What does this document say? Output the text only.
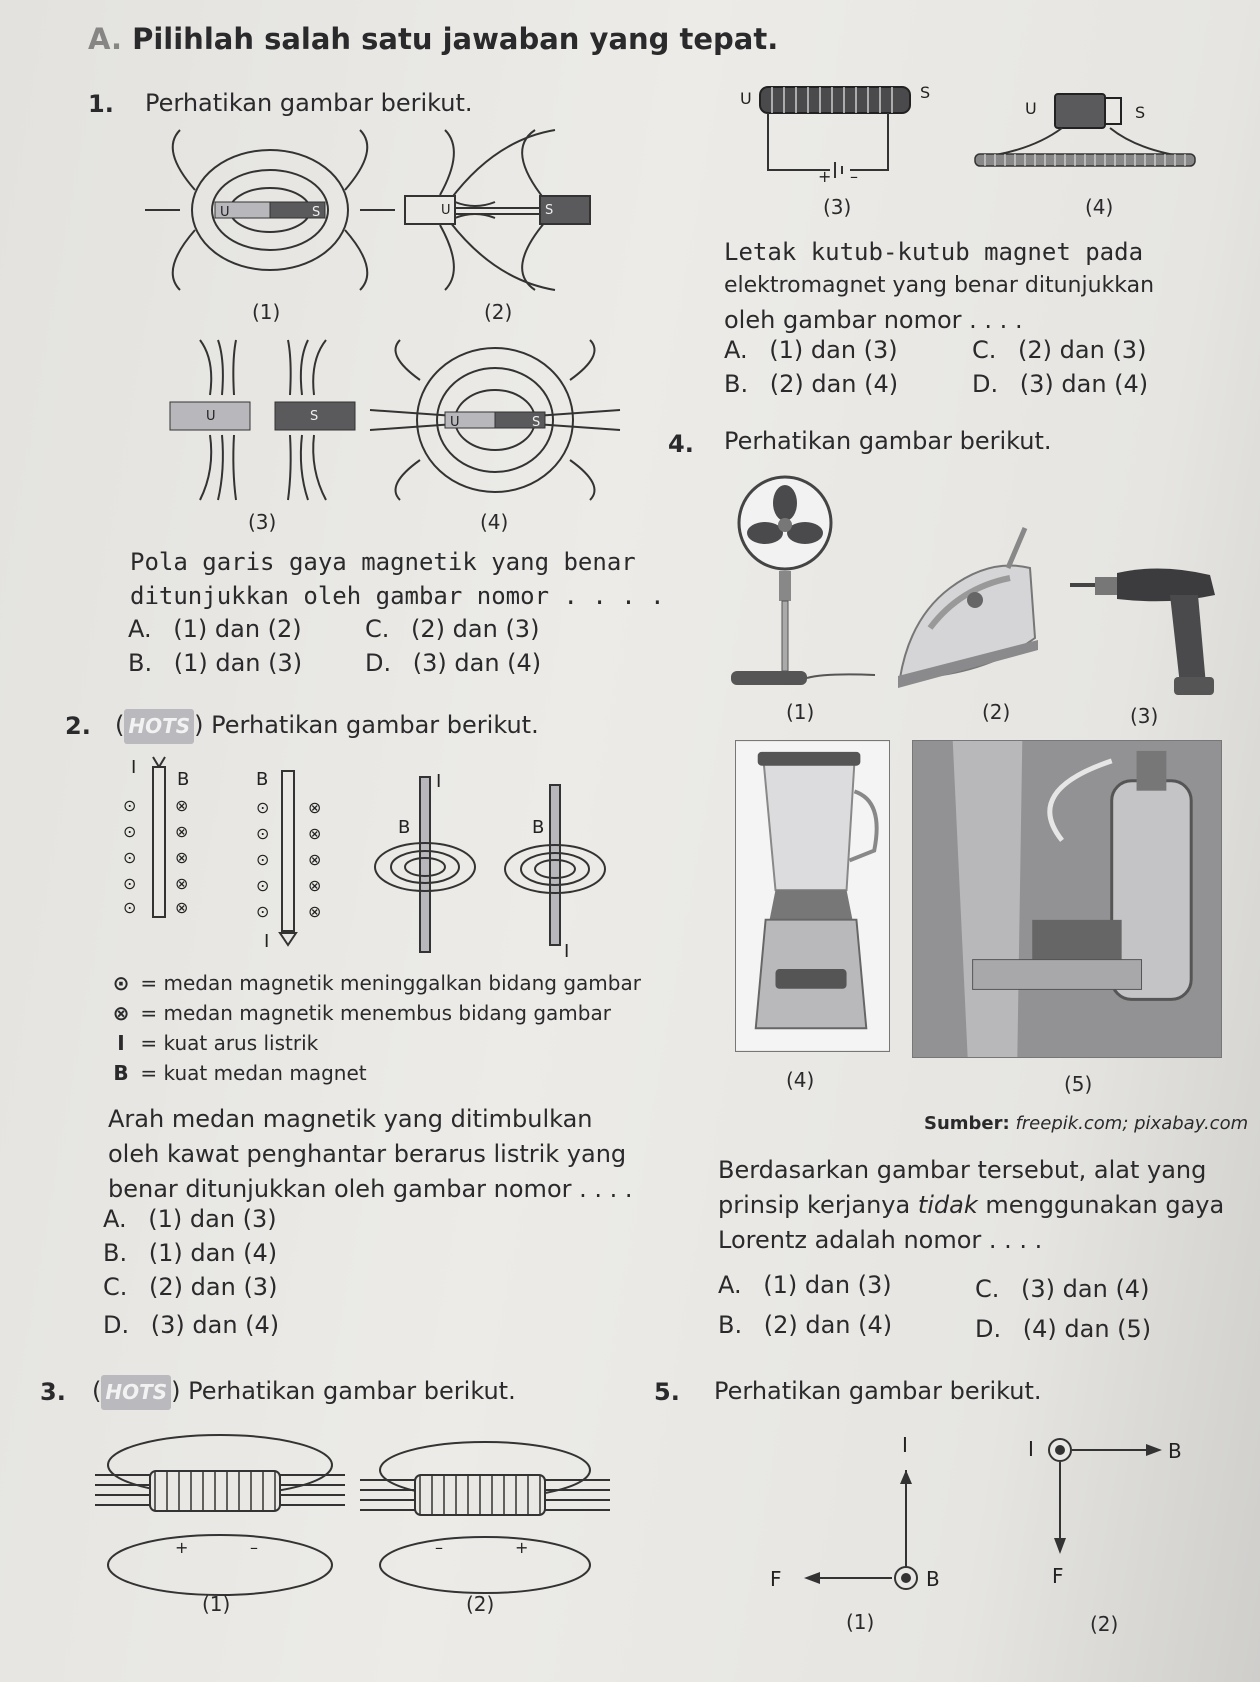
A. Pilihlah salah satu jawaban yang tepat.
1. Perhatikan gambar berikut.
U	S
(1)
U	S
(2)
U	S
(3)
U	S
(4)
Pola garis gaya magnetik yang benar
ditunjukkan oleh gambar nomor . . . .
A. (1) dan (2)
B. (1) dan (3)
C. (2) dan (3)
D. (3) dan (4)
2. ( HOTS ) Perhatikan gambar berikut.
I
B
⊙
⊙
⊙
⊙
⊙
⊗
⊗
⊗
⊗
⊗
B
I
⊙
⊙
⊙
⊙
⊙
⊗
⊗
⊗
⊗
⊗
I
B	B
I
⊙ = medan magnetik meninggalkan bidang gambar
⊗ = medan magnetik menembus bidang gambar
I = kuat arus listrik
B = kuat medan magnet
Arah medan magnetik yang ditimbulkan
oleh kawat penghantar berarus listrik yang
benar ditunjukkan oleh gambar nomor . . . .
A. (1) dan (3)
B. (1) dan (4)
C. (2) dan (3)
D. (3) dan (4)
3. ( HOTS ) Perhatikan gambar berikut.
+	–
(1)
–	+
(2)
U	S
+ –
(3)
U	S
(4)
Letak kutub-kutub magnet pada
elektromagnet yang benar ditunjukkan
oleh gambar nomor . . . .
A. (1) dan (3)
B. (2) dan (4)
C. (2) dan (3)
D. (3) dan (4)
4. Perhatikan gambar berikut.
(1)	(2)	(3)
(4)	(5)
Sumber: freepik.com; pixabay.com
Berdasarkan gambar tersebut, alat yang
prinsip kerjanya tidak menggunakan gaya
Lorentz adalah nomor . . . .
A. (1) dan (3)
B. (2) dan (4)
C. (3) dan (4)
D. (4) dan (5)
5. Perhatikan gambar berikut.
I
F	B
(1)
I	B
F
(2)
